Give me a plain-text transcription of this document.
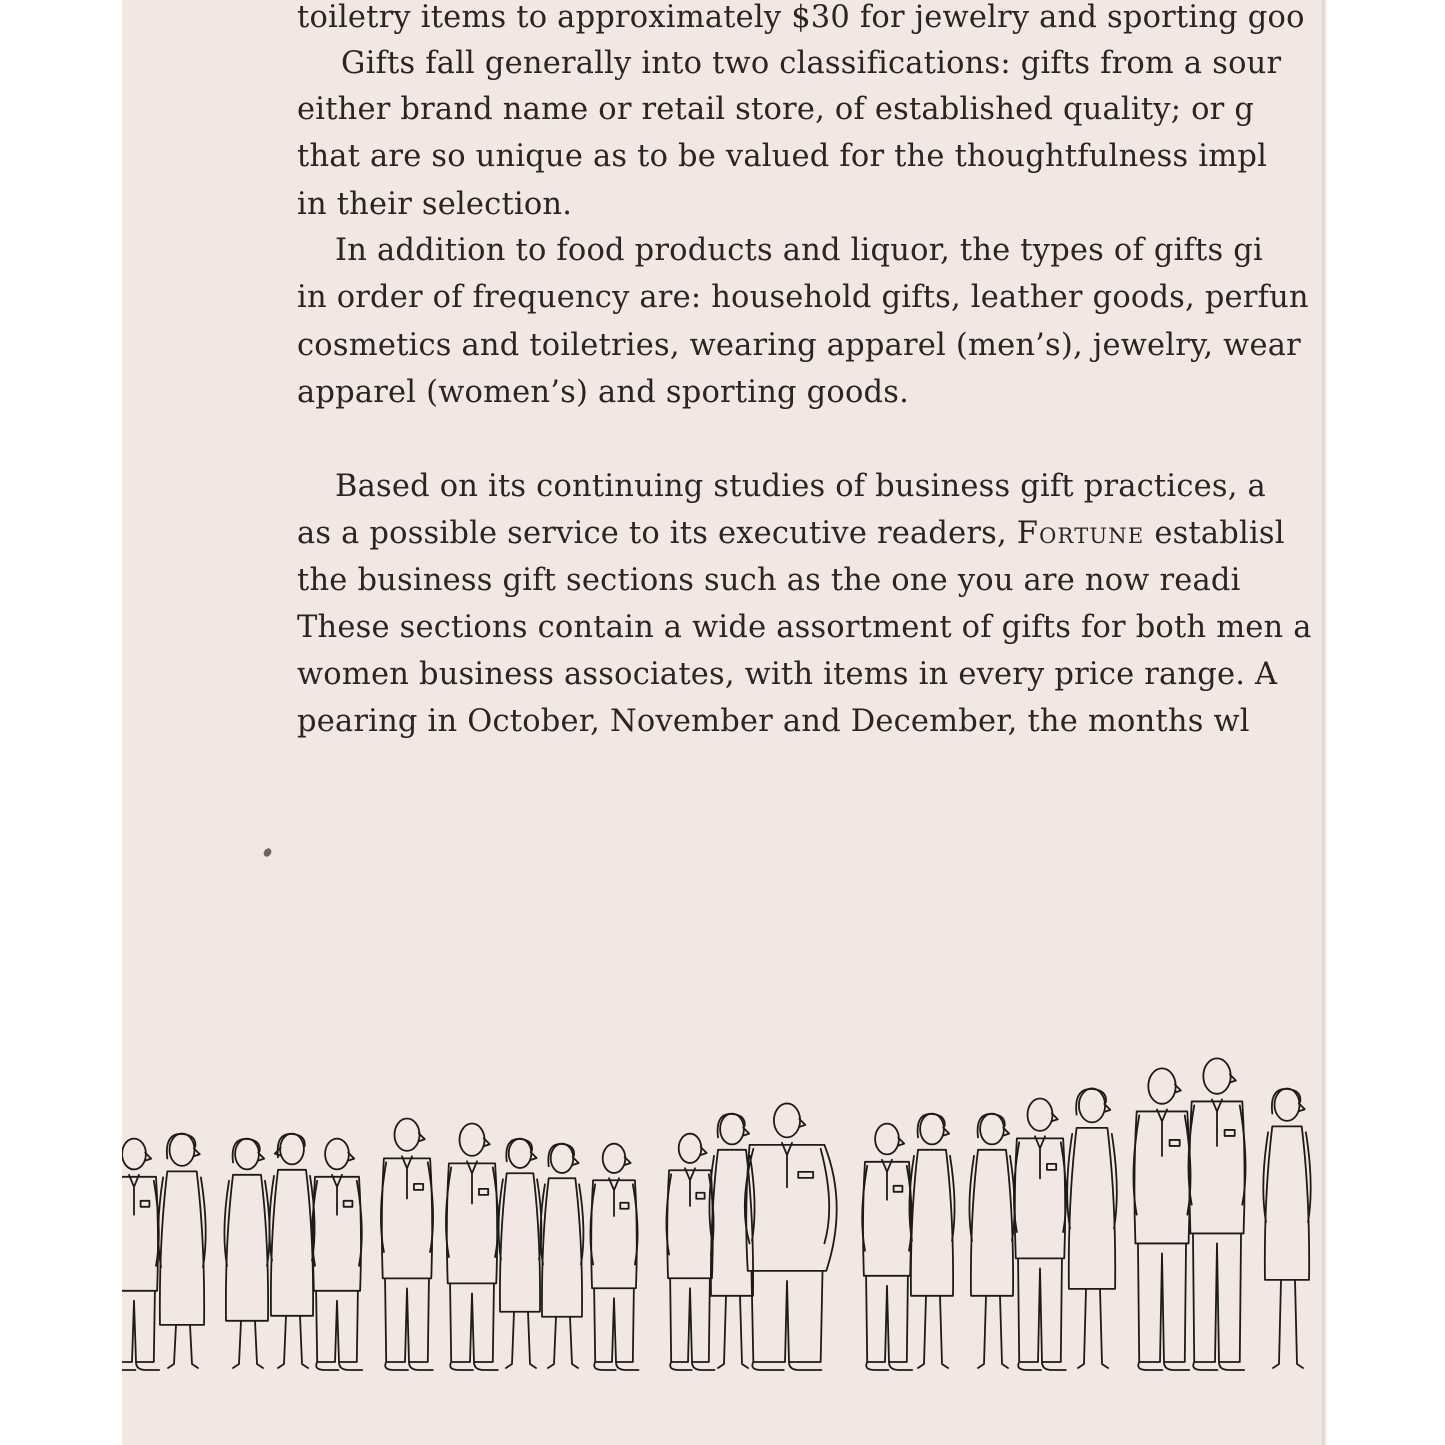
toiletry items to approximately $30 for jewelry and sporting goo
Gifts fall generally into two classifications: gifts from a sour
either brand name or retail store, of established quality; or g
that are so unique as to be valued for the thoughtfulness impl
in their selection.
In addition to food products and liquor, the types of gifts gi
in order of frequency are: household gifts, leather goods, perfun
cosmetics and toiletries, wearing apparel (men’s), jewelry, wear
apparel (women’s) and sporting goods.
Based on its continuing studies of business gift practices, a
as a possible service to its executive readers, Fortune establisl
the business gift sections such as the one you are now readi
These sections contain a wide assortment of gifts for both men a
women business associates, with items in every price range. A
pearing in October, November and December, the months wl
